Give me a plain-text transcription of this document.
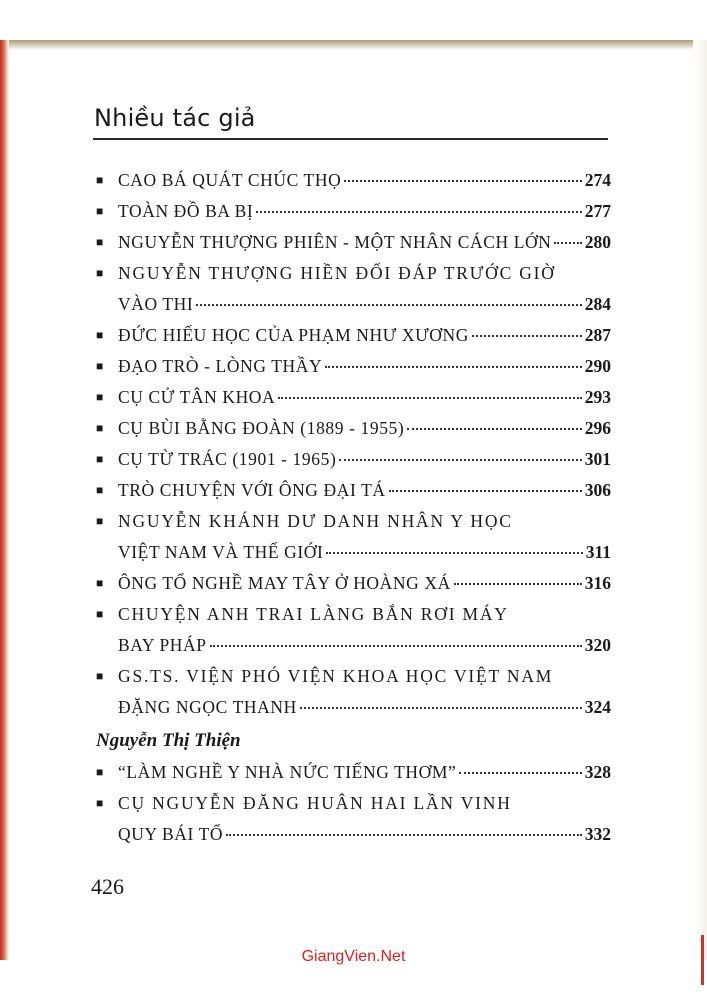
Nhiều tác giả
■ CAO BÁ QUÁT CHÚC THỌ	274
■ TOÀN ĐỒ BA BỊ	277
■ NGUYỄN THƯỢNG PHIÊN - MỘT NHÂN CÁCH LỚN 280
■ NGUYỄN THƯỢNG HIỀN ĐỐI ĐÁP TRƯỚC GIỜ
VÀO THI	284
■ ĐỨC HIẾU HỌC CỦA PHẠM NHƯ XƯƠNG	287
■ ĐẠO TRÒ - LÒNG THẦY	290
■ CỤ CỬ TÂN KHOA	293
■ CỤ BÙI BẰNG ĐOÀN (1889 - 1955)	296
■ CỤ TỪ TRÁC (1901 - 1965)	301
■ TRÒ CHUYỆN VỚI ÔNG ĐẠI TÁ	306
■ NGUYỄN KHÁNH DƯ DANH NHÂN Y HỌC
VIỆT NAM VÀ THẾ GIỚI	311
■ ÔNG TỔ NGHỀ MAY TÂY Ở HOÀNG XÁ	316
■ CHUYỆN ANH TRAI LÀNG BẮN RƠI MÁY
BAY PHÁP	320
■ GS.TS. VIỆN PHÓ VIỆN KHOA HỌC VIỆT NAM
ĐẶNG NGỌC THANH	324
Nguyễn Thị Thiện
■ “LÀM NGHỀ Y NHÀ NỨC TIẾNG THƠM”	328
■ CỤ NGUYỄN ĐĂNG HUÂN HAI LẦN VINH
QUY BÁI TỔ	332
426
GiangVien.Net
